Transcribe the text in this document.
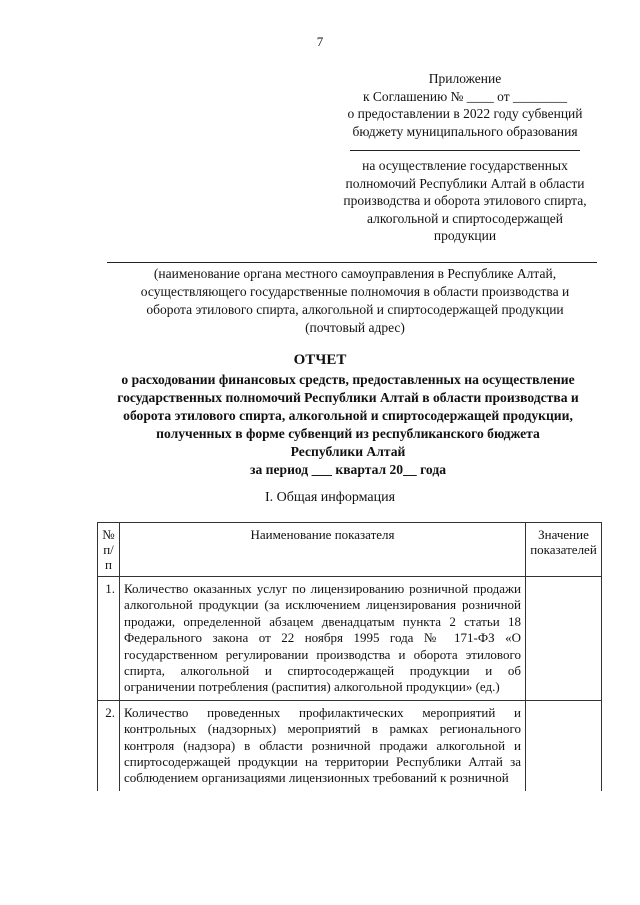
7
Приложение
к Соглашению № ____ от ________
о предоставлении в 2022 году субвенций
бюджету муниципального образования
на осуществление государственных
полномочий Республики Алтай в области
производства и оборота этилового спирта,
алкогольной и спиртосодержащей
продукции
(наименование органа местного самоуправления в Республике Алтай,
осуществляющего государственные полномочия в области производства и
оборота этилового спирта, алкогольной и спиртосодержащей продукции
(почтовый адрес)
ОТЧЕТ
о расходовании финансовых средств, предоставленных на осуществление
государственных полномочий Республики Алтай в области производства и
оборота этилового спирта, алкогольной и спиртосодержащей продукции,
полученных в форме субвенций из республиканского бюджета
Республики Алтай
за период ___ квартал 20__ года
I. Общая информация
№ п/п	Наименование показателя	Значение показателей
1.	Количество оказанных услуг по лицензированию розничной продажи алкогольной продукции (за исключением лицензирования розничной продажи, определенной абзацем двенадцатым пункта 2 статьи 18 Федерального закона от 22 ноября 1995 года № 171-ФЗ «О государственном регулировании производства и оборота этилового спирта, алкогольной и спиртосодержащей продукции и об ограничении потребления (распития) алкогольной продукции» (ед.)	
2.	Количество проведенных профилактических мероприятий и контрольных (надзорных) мероприятий в рамках регионального контроля (надзора) в области розничной продажи алкогольной и спиртосодержащей продукции на территории Республики Алтай за соблюдением организациями лицензионных требований к розничной	
